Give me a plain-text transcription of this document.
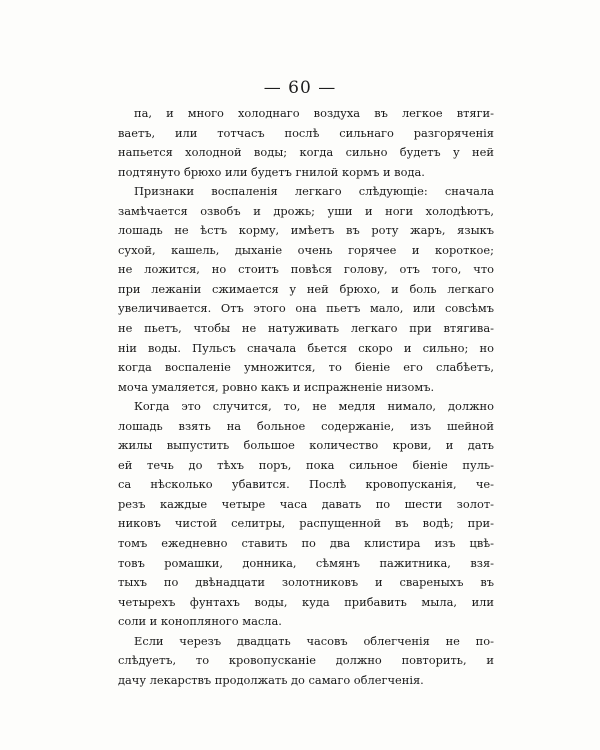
— 60 —
па, и много холоднаго воздуха въ легкое втяги-
ваетъ, или тотчасъ послѣ сильнаго разгоряченія
напьется холодной воды; когда сильно будетъ у ней
подтянуто брюхо или будетъ гнилой кормъ и вода.
Признаки воспаленія легкаго слѣдующіе: сначала
замѣчается озвобъ и дрожь; уши и ноги холодѣютъ,
лошадь не ѣстъ корму, имѣетъ въ роту жаръ, языкъ
сухой, кашель, дыханіе очень горячее и короткое;
не ложится, но стоитъ повѣся голову, отъ того, что
при лежаніи сжимается у ней брюхо, и боль легкаго
увеличивается. Отъ этого она пьетъ мало, или совсѣмъ
не пьетъ, чтобы не натуживать легкаго при втягива-
ніи воды. Пульсъ сначала бьется скоро и сильно; но
когда воспаленіе умножится, то біеніе его слабѣетъ,
моча умаляется, ровно какъ и испражненіе низомъ.
Когда это случится, то, не медля нимало, должно
лошадь взять на больное содержаніе, изъ шейной
жилы выпустить большое количество крови, и дать
ей течь до тѣхъ поръ, пока сильное біеніе пуль-
са нѣсколько убавится. Послѣ кровопусканія, че-
резъ каждые четыре часа давать по шести золот-
никовъ чистой селитры, распущенной въ водѣ; при-
томъ ежедневно ставить по два клистира изъ цвѣ-
товъ ромашки, донника, сѣмянъ пажитника, взя-
тыхъ по двѣнадцати золотниковъ и свареныхъ въ
четырехъ фунтахъ воды, куда прибавить мыла, или
соли и конопляного масла.
Если черезъ двадцать часовъ облегченія не по-
слѣдуетъ, то кровопусканіе должно повторить, и
дачу лекарствъ продолжать до самаго облегченія.
